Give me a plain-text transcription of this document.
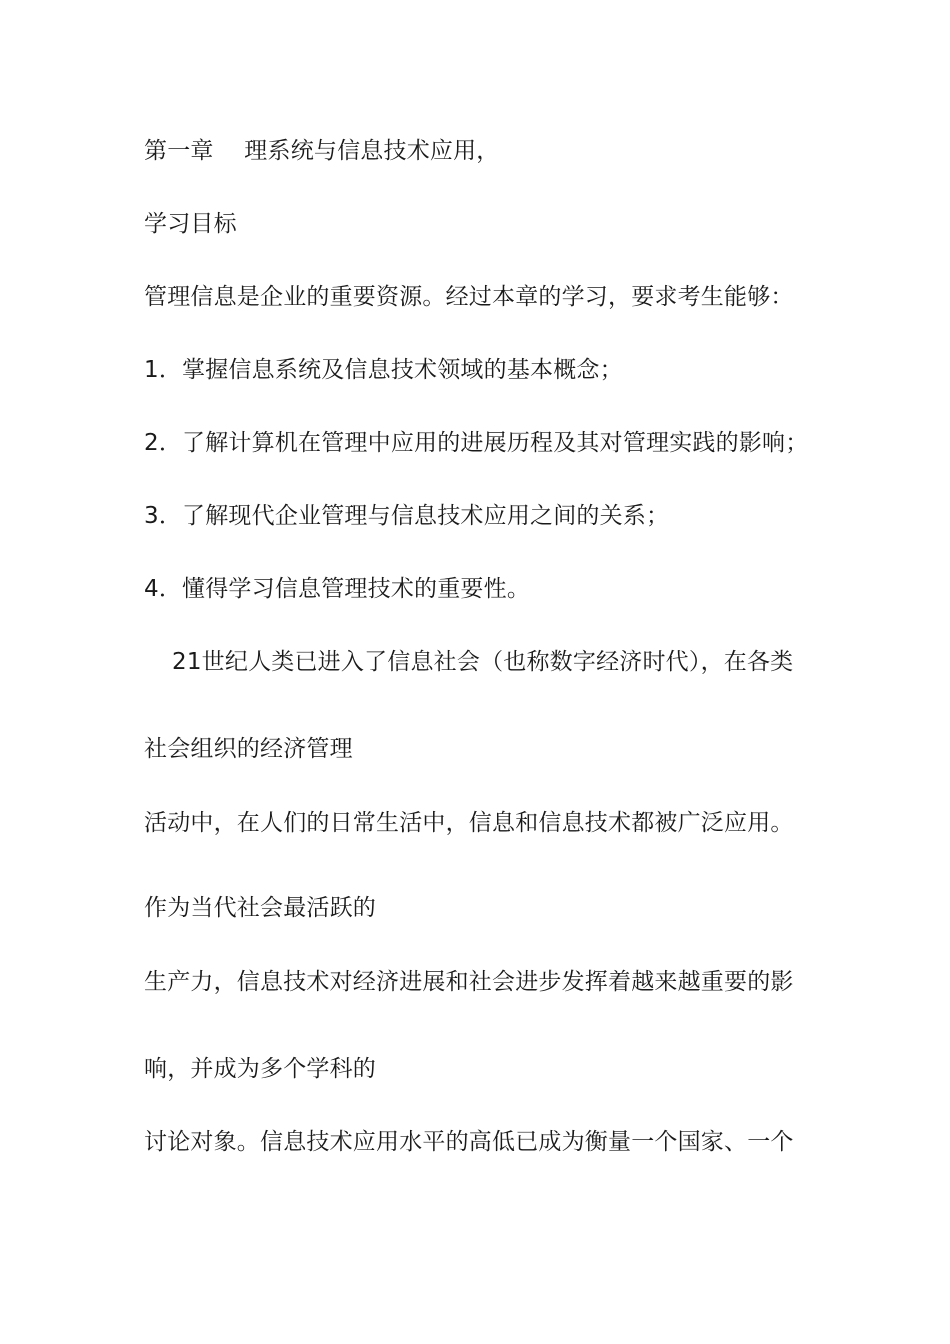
第一章　 理系统与信息技术应用，
学习目标
管理信息是企业的重要资源。经过本章的学习，要求考生能够：
1．掌握信息系统及信息技术领域的基本概念；
2．了解计算机在管理中应用的进展历程及其对管理实践的影响；
3．了解现代企业管理与信息技术应用之间的关系；
4．懂得学习信息管理技术的重要性。
21世纪人类已进入了信息社会（也称数字经济时代），在各类
社会组织的经济管理
活动中，在人们的日常生活中，信息和信息技术都被广泛应用。
作为当代社会最活跃的
生产力，信息技术对经济进展和社会进步发挥着越来越重要的影
响，并成为多个学科的
讨论对象。信息技术应用水平的高低已成为衡量一个国家、一个
